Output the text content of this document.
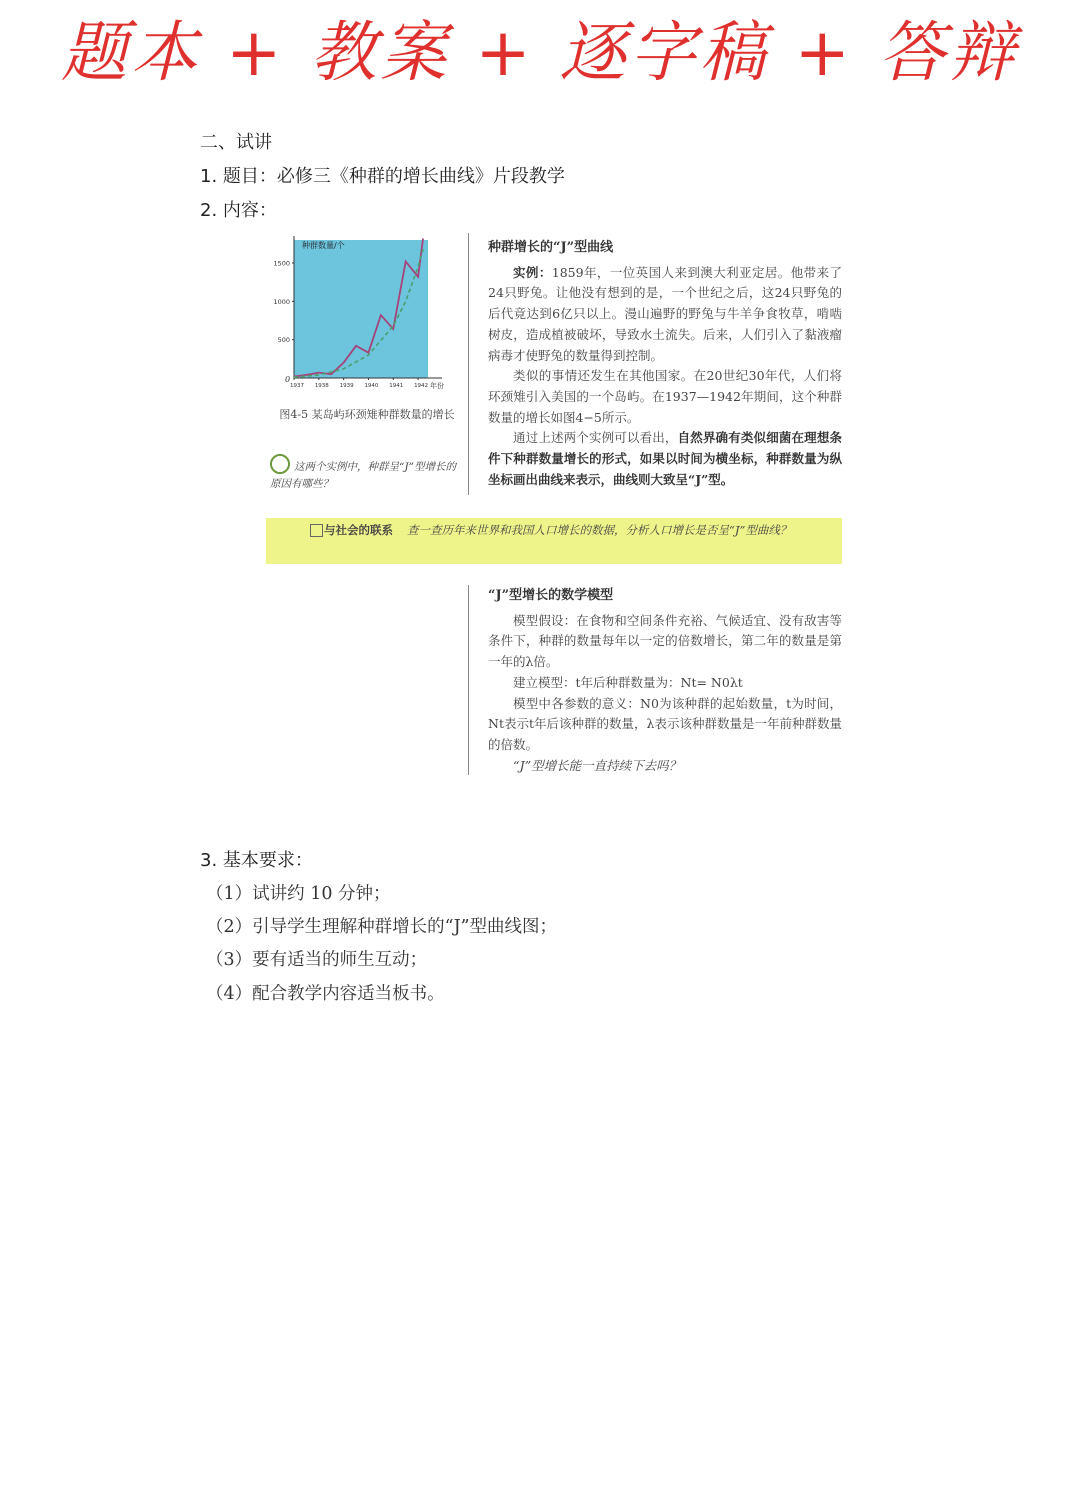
题本 + 教案 + 逐字稿 + 答辩
二、试讲
1. 题目：必修三《种群的增长曲线》片段教学
2. 内容：
种群数量/个
年份
0
500
1000
1500
1937 1938 1939 1940 1941 1942
图4-5 某岛屿环颈雉种群数量的增长
这两个实例中，种群呈“J”型增长的原因有哪些？
种群增长的“J”型曲线

实例：1859年，一位英国人来到澳大利亚定居。他带来了24只野兔。让他没有想到的是，一个世纪之后，这24只野兔的后代竟达到6亿只以上。漫山遍野的野兔与牛羊争食牧草，啃啮树皮，造成植被破坏，导致水土流失。后来，人们引入了黏液瘤病毒才使野兔的数量得到控制。

类似的事情还发生在其他国家。在20世纪30年代，人们将环颈雉引入美国的一个岛屿。在1937—1942年期间，这个种群数量的增长如图4−5所示。

通过上述两个实例可以看出，自然界确有类似细菌在理想条件下种群数量增长的形式，如果以时间为横坐标，种群数量为纵坐标画出曲线来表示，曲线则大致呈“J”型。

与社会的联系 查一查历年来世界和我国人口增长的数据，分析人口增长是否呈“J”型曲线？
“J”型增长的数学模型

模型假设：在食物和空间条件充裕、气候适宜、没有敌害等条件下，种群的数量每年以一定的倍数增长，第二年的数量是第一年的λ倍。

建立模型：t年后种群数量为：Nt= N0λt

模型中各参数的意义：N0为该种群的起始数量，t为时间，Nt表示t年后该种群的数量，λ表示该种群数量是一年前种群数量的倍数。

“J”型增长能一直持续下去吗？

3. 基本要求：
（1）试讲约 10 分钟；
（2）引导学生理解种群增长的“J”型曲线图；
（3）要有适当的师生互动；
（4）配合教学内容适当板书。
